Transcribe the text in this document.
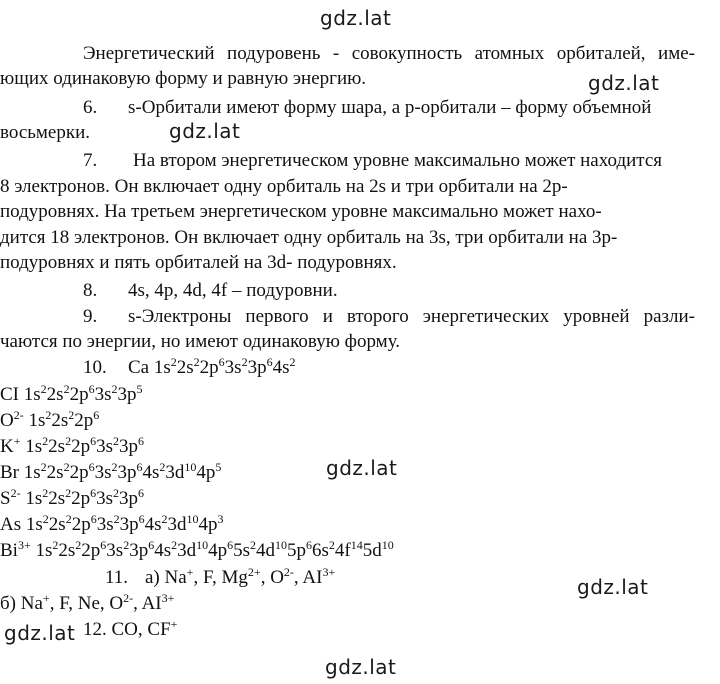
gdz.lat
gdz.lat
gdz.lat
gdz.lat
gdz.lat
gdz.lat
gdz.lat
Энергетический подуровень - совокупность атомных орбиталей, име-
ющих одинаковую форму и равную энергию.
6. s-Орбитали имеют форму шара, а р-орбитали – форму объемной
восьмерки.
7. На втором энергетическом уровне максимально может находится
8 электронов. Он включает одну орбиталь на 2s и три орбитали на 2р-
подуровнях. На третьем энергетическом уровне максимально может нахо-
дится 18 электронов. Он включает одну орбиталь на 3s, три орбитали на 3р-
подуровнях и пять орбиталей на 3d- подуровнях.
8. 4s, 4p, 4d, 4f – подуровни.
9. s-Электроны первого и второго энергетических уровней разли-
чаются по энергии, но имеют одинаковую форму.
10. Ca $1s^22s^22p^63s^23p^64s^2$
CI $1s^22s^22p^63s^23p^5$
$O^{2-}$ $1s^22s^22p^6$
K+ $1s^22s^22p^63s^23p^6$
Br $1s^22s^22p^63s^23p^64s^23d^{10}4p^5$
$S^{2-}$ $1s^22s^22p^63s^23p^6$
As $1s^22s^22p^63s^23p^64s^23d^{10}4p^3$
$Bi^{3+}$ $1s^22s^22p^63s^23p^64s^23d^{10}4p^65s^24d^{10}5p^66s^24f^{14}5d^{10}$
11. а) Na+, F, $Mg^{2+}$, $O^{2-}$, $AI^{3+}$
б) Na+, F, Ne, $O^{2-}$, $AI^{3+}$
12. CO, CF+
